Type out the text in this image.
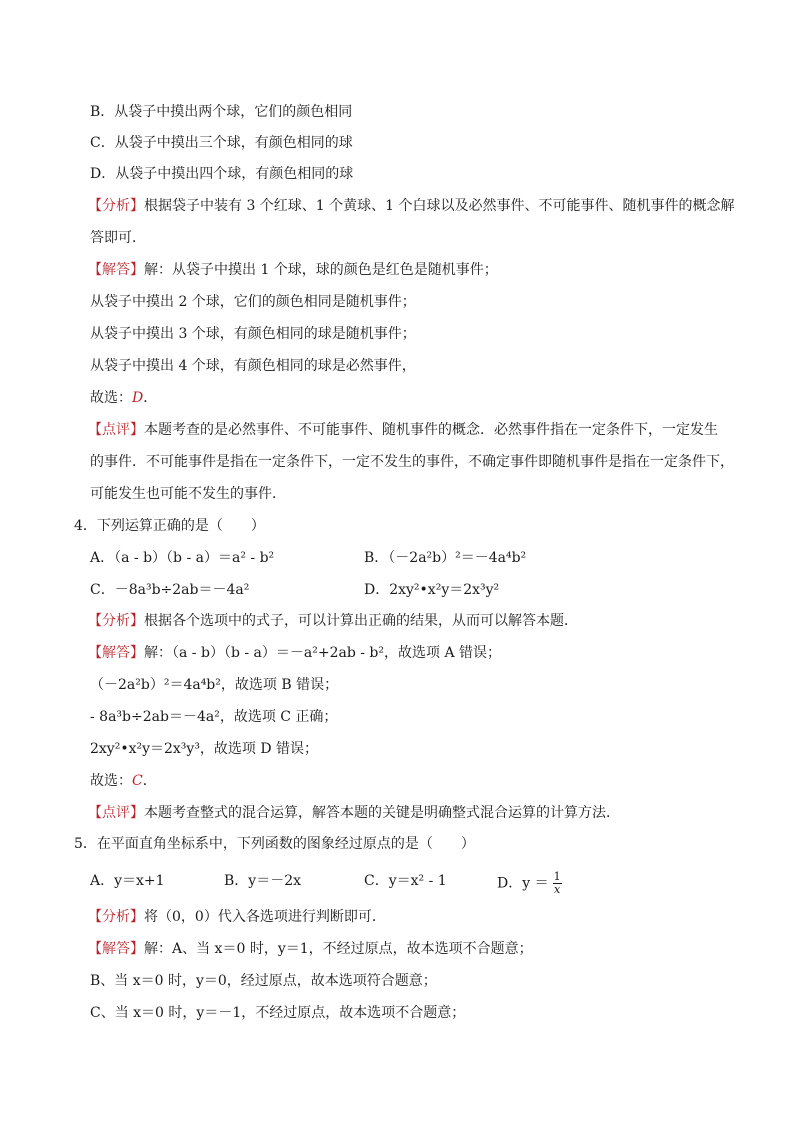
B．从袋子中摸出两个球，它们的颜色相同
C．从袋子中摸出三个球，有颜色相同的球
D．从袋子中摸出四个球，有颜色相同的球
【分析】根据袋子中装有 3 个红球、1 个黄球、1 个白球以及必然事件、不可能事件、随机事件的概念解
答即可．
【解答】解：从袋子中摸出 1 个球，球的颜色是红色是随机事件；
从袋子中摸出 2 个球，它们的颜色相同是随机事件；
从袋子中摸出 3 个球，有颜色相同的球是随机事件；
从袋子中摸出 4 个球，有颜色相同的球是必然事件，
故选：D．
【点评】本题考查的是必然事件、不可能事件、随机事件的概念．必然事件指在一定条件下，一定发生
的事件．不可能事件是指在一定条件下，一定不发生的事件，不确定事件即随机事件是指在一定条件下，
可能发生也可能不发生的事件．
4．下列运算正确的是（　　）
A．（a - b）（b - a）＝a² - b²	B．（－2a²b）²＝－4a⁴b²
C．－8a³b÷2ab＝－4a²	D．2xy²•x²y＝2x³y²
【分析】根据各个选项中的式子，可以计算出正确的结果，从而可以解答本题．
【解答】解：（a - b）（b - a）＝－a²+2ab - b²，故选项 A 错误；
（－2a²b）²＝4a⁴b²，故选项 B 错误；
- 8a³b÷2ab＝－4a²，故选项 C 正确；
2xy²•x²y＝2x³y³，故选项 D 错误；
故选：C．
【点评】本题考查整式的混合运算，解答本题的关键是明确整式混合运算的计算方法．
5．在平面直角坐标系中，下列函数的图象经过原点的是（　　）
A．y＝x+1	B．y＝－2x	C．y＝x² - 1	D．$y = \frac{1}{x}$
【分析】将（0，0）代入各选项进行判断即可．
【解答】解：A、当 x＝0 时，y＝1，不经过原点，故本选项不合题意；
B、当 x＝0 时，y＝0，经过原点，故本选项符合题意；
C、当 x＝0 时，y＝－1，不经过原点，故本选项不合题意；
